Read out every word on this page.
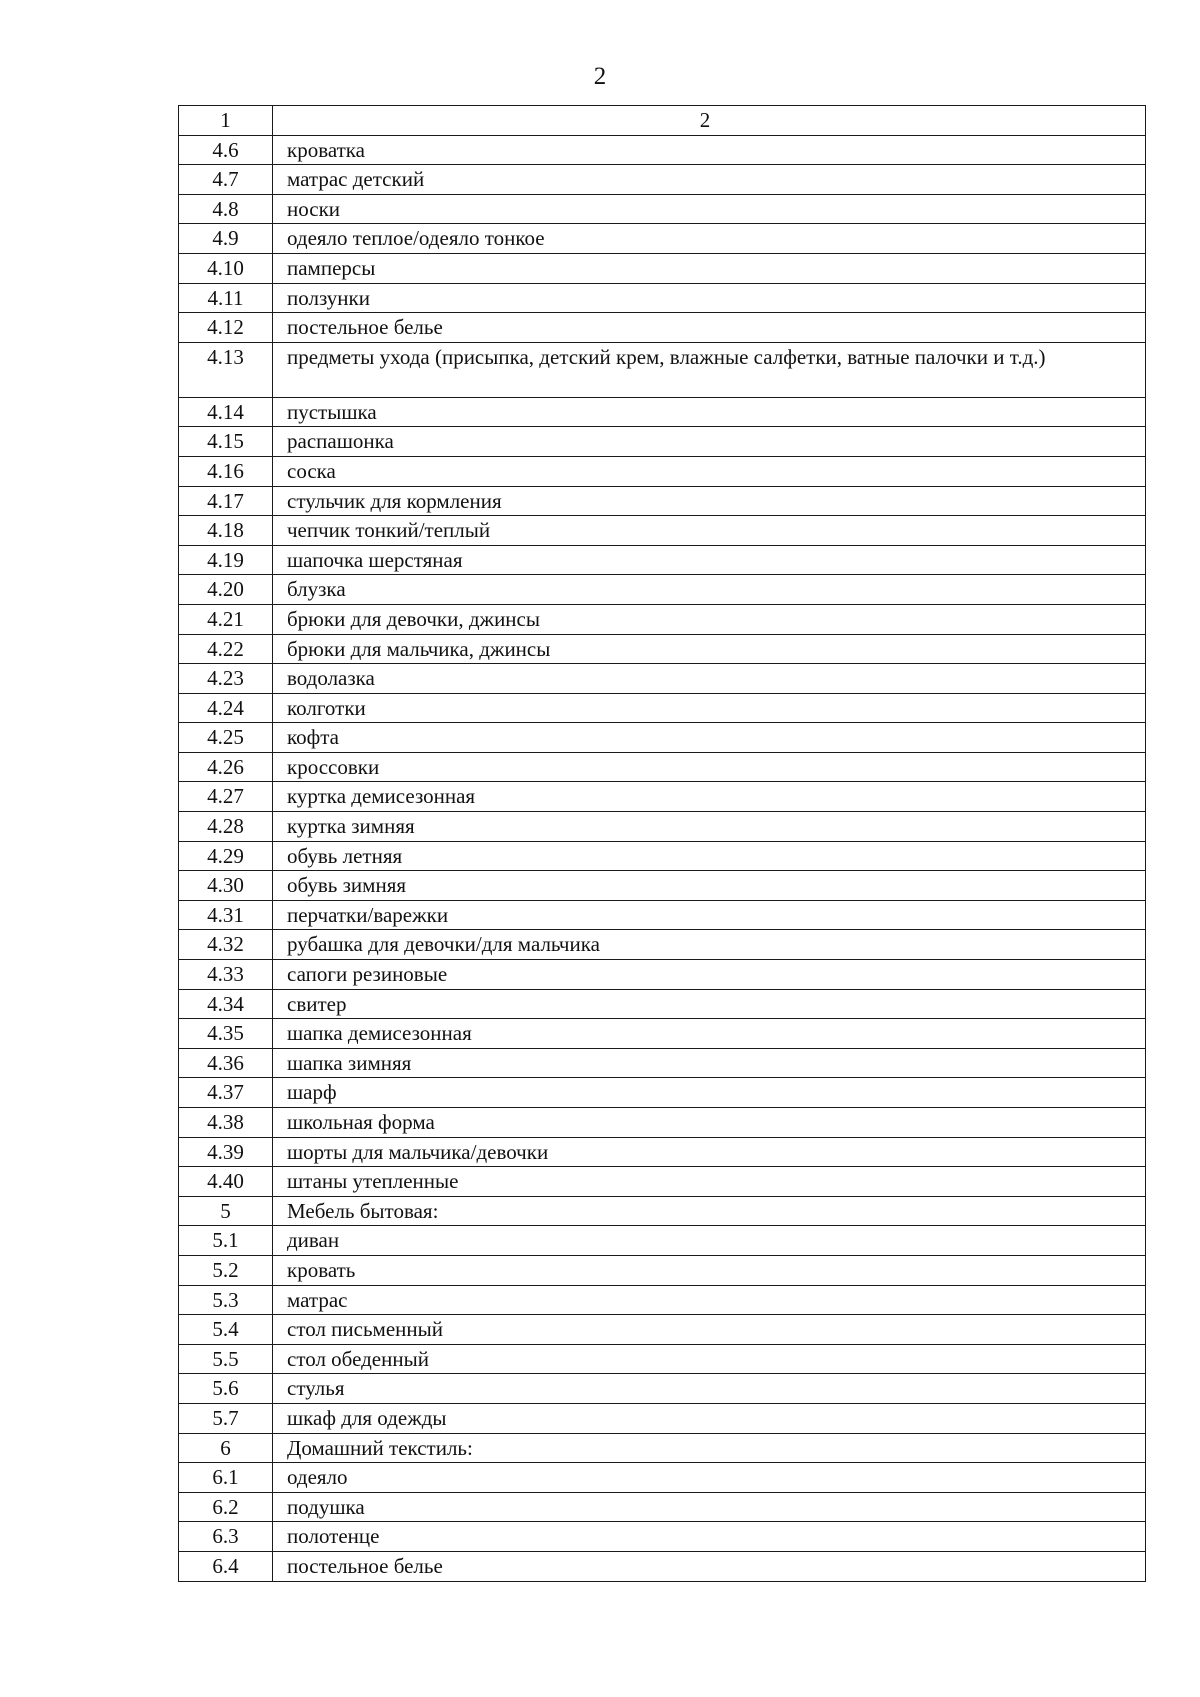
2
1	2
4.6	кроватка
4.7	матрас детский
4.8	носки
4.9	одеяло теплое/одеяло тонкое
4.10	памперсы
4.11	ползунки
4.12	постельное белье
4.13	предметы ухода (присыпка, детский крем, влажные салфетки, ватные палочки и т.д.)
4.14	пустышка
4.15	распашонка
4.16	соска
4.17	стульчик для кормления
4.18	чепчик тонкий/теплый
4.19	шапочка шерстяная
4.20	блузка
4.21	брюки для девочки, джинсы
4.22	брюки для мальчика, джинсы
4.23	водолазка
4.24	колготки
4.25	кофта
4.26	кроссовки
4.27	куртка демисезонная
4.28	куртка зимняя
4.29	обувь летняя
4.30	обувь зимняя
4.31	перчатки/варежки
4.32	рубашка для девочки/для мальчика
4.33	сапоги резиновые
4.34	свитер
4.35	шапка демисезонная
4.36	шапка зимняя
4.37	шарф
4.38	школьная форма
4.39	шорты для мальчика/девочки
4.40	штаны утепленные
5	Мебель бытовая:
5.1	диван
5.2	кровать
5.3	матрас
5.4	стол письменный
5.5	стол обеденный
5.6	стулья
5.7	шкаф для одежды
6	Домашний текстиль:
6.1	одеяло
6.2	подушка
6.3	полотенце
6.4	постельное белье
